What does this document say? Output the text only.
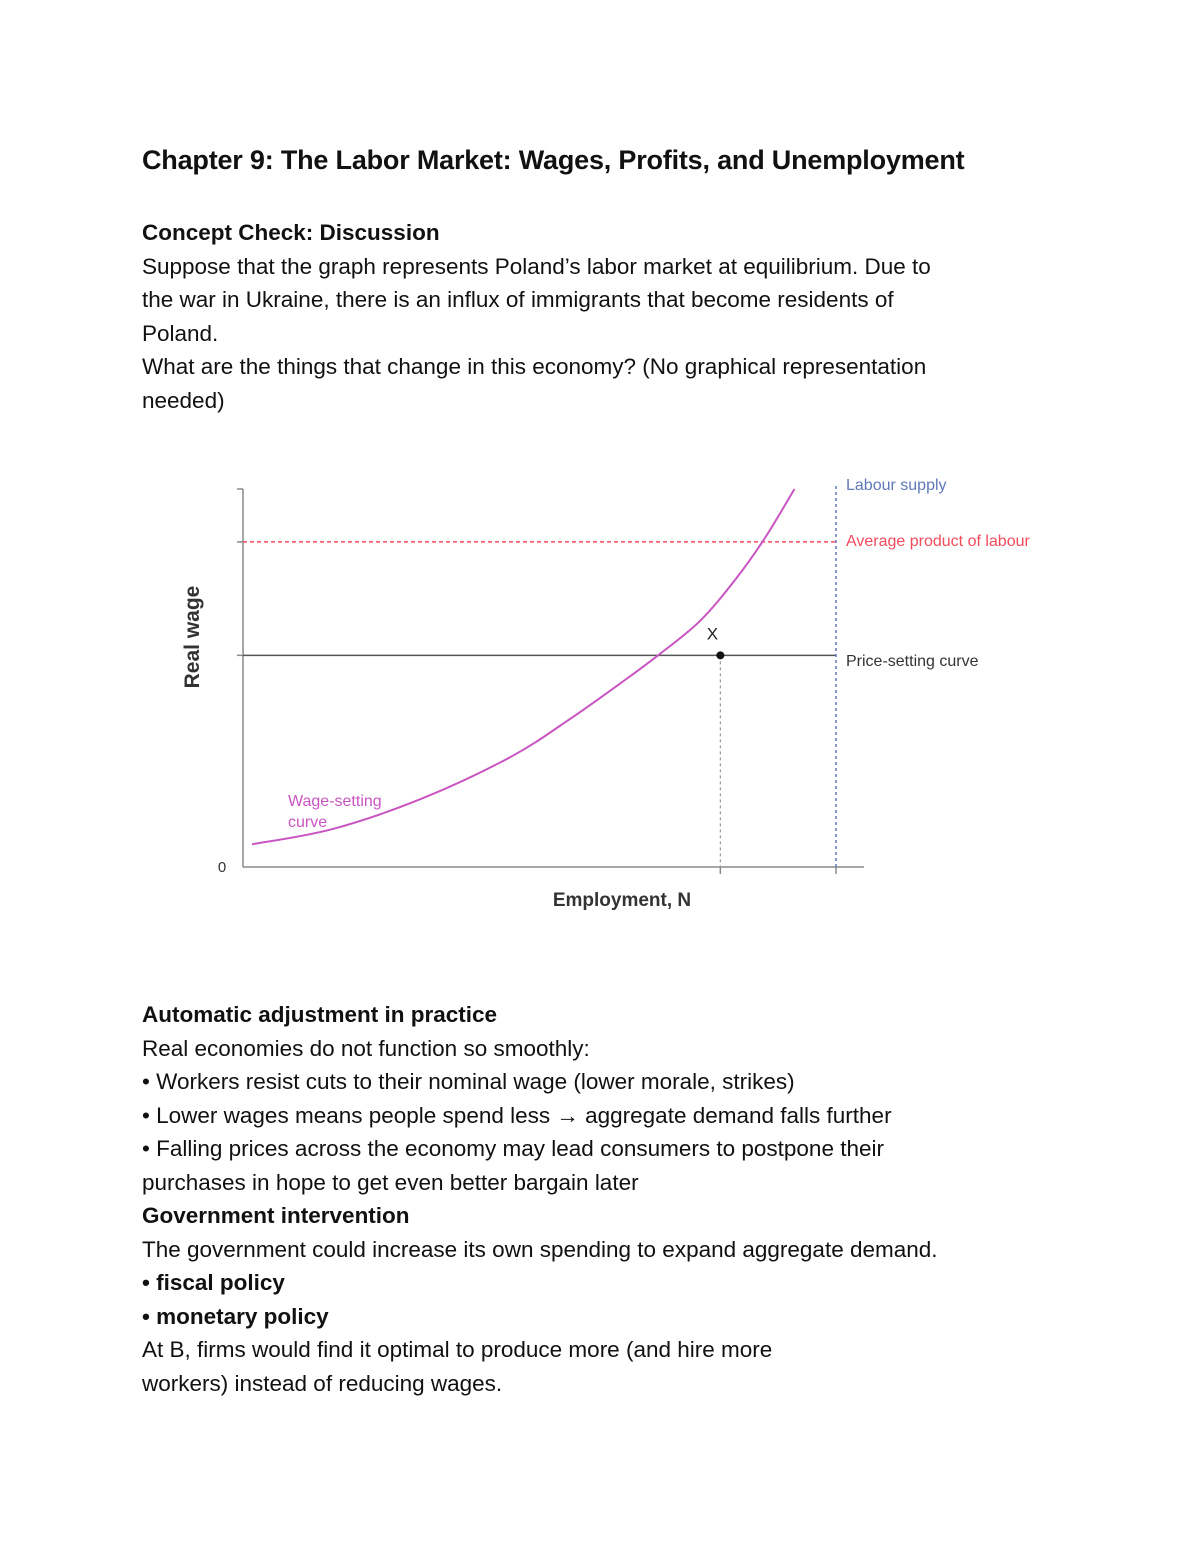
Chapter 9: The Labor Market: Wages, Profits, and Unemployment

Concept Check: Discussion

Suppose that the graph represents Poland’s labor market at equilibrium. Due to

the war in Ukraine, there is an influx of immigrants that become residents of

Poland.

What are the things that change in this economy? (No graphical representation

needed)

Automatic adjustment in practice

Real economies do not function so smoothly:

• Workers resist cuts to their nominal wage (lower morale, strikes)

• Lower wages means people spend less → aggregate demand falls further

• Falling prices across the economy may lead consumers to postpone their

purchases in hope to get even better bargain later

Government intervention

The government could increase its own spending to expand aggregate demand.

• fiscal policy

• monetary policy

At B, firms would find it optimal to produce more (and hire more

workers) instead of reducing wages.

X
Labour supply
Average product of labour
Price-setting curve
Wage-setting
curve
0
Employment, N
Real wage
